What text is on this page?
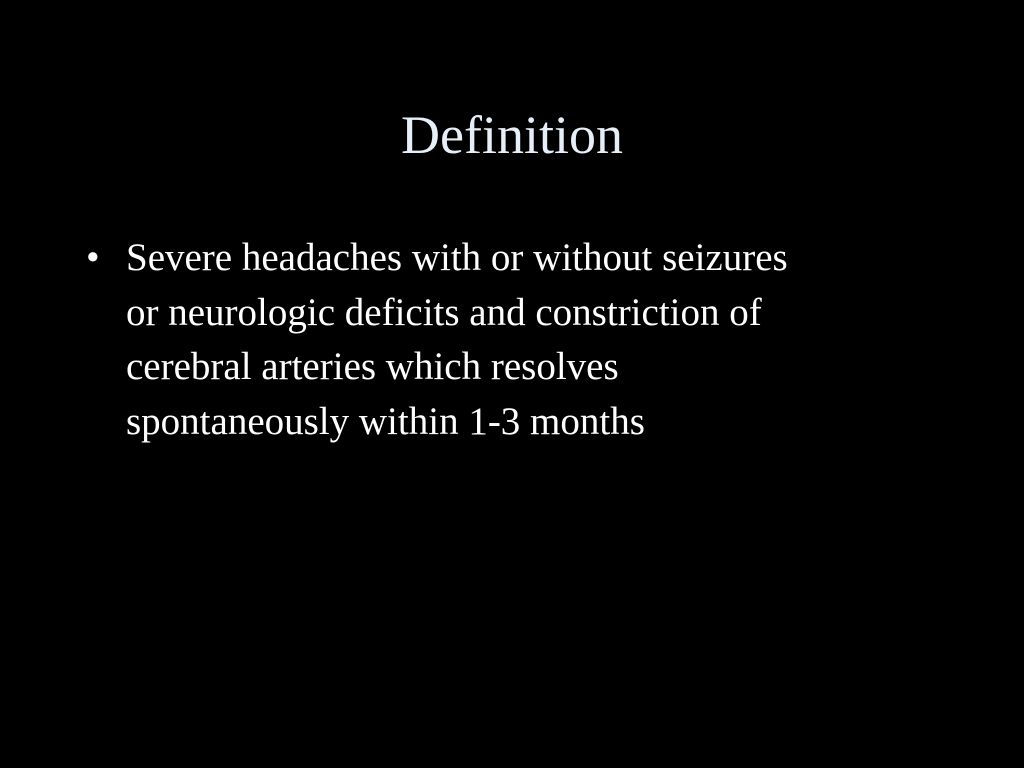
Definition
• Severe headaches with or without seizures
or neurologic deficits and constriction of
cerebral arteries which resolves
spontaneously within 1-3 months
